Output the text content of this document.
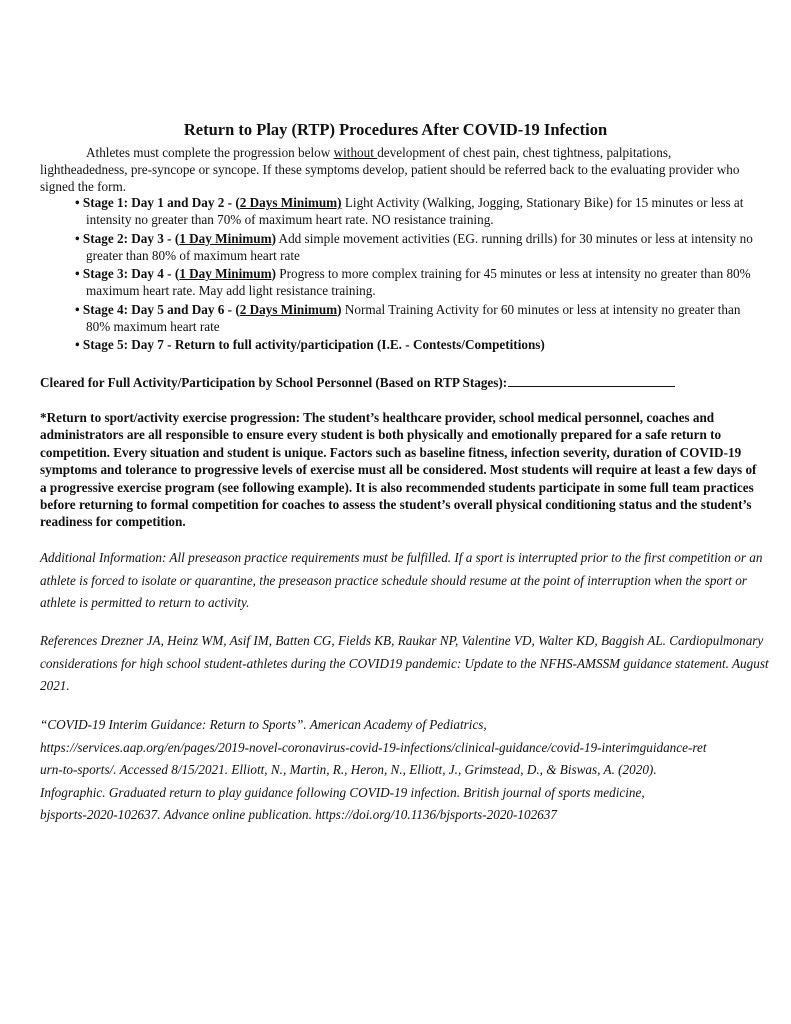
Return to Play (RTP) Procedures After COVID-19 Infection

Athletes must complete the progression below without development of chest pain, chest tightness, palpitations, lightheadedness, pre-syncope or syncope. If these symptoms develop, patient should be referred back to the evaluating provider who signed the form.

• Stage 1: Day 1 and Day 2 - (2 Days Minimum) Light Activity (Walking, Jogging, Stationary Bike) for 15 minutes or less at intensity no greater than 70% of maximum heart rate. NO resistance training.
• Stage 2: Day 3 - (1 Day Minimum) Add simple movement activities (EG. running drills) for 30 minutes or less at intensity no greater than 80% of maximum heart rate
• Stage 3: Day 4 - (1 Day Minimum) Progress to more complex training for 45 minutes or less at intensity no greater than 80% maximum heart rate. May add light resistance training.
• Stage 4: Day 5 and Day 6 - (2 Days Minimum) Normal Training Activity for 60 minutes or less at intensity no greater than 80% maximum heart rate
• Stage 5: Day 7 - Return to full activity/participation (I.E. - Contests/Competitions)

Cleared for Full Activity/Participation by School Personnel (Based on RTP Stages):

*Return to sport/activity exercise progression: The student’s healthcare provider, school medical personnel, coaches and administrators are all responsible to ensure every student is both physically and emotionally prepared for a safe return to competition. Every situation and student is unique. Factors such as baseline fitness, infection severity, duration of COVID-19 symptoms and tolerance to progressive levels of exercise must all be considered. Most students will require at least a few days of a progressive exercise program (see following example). It is also recommended students participate in some full team practices before returning to formal competition for coaches to assess the student’s overall physical conditioning status and the student’s readiness for competition.

Additional Information: All preseason practice requirements must be fulfilled. If a sport is interrupted prior to the first competition or an athlete is forced to isolate or quarantine, the preseason practice schedule should resume at the point of interruption when the sport or athlete is permitted to return to activity.

References Drezner JA, Heinz WM, Asif IM, Batten CG, Fields KB, Raukar NP, Valentine VD, Walter KD, Baggish AL. Cardiopulmonary considerations for high school student-athletes during the COVID19 pandemic: Update to the NFHS-AMSSM guidance statement. August 2021.

“COVID-19 Interim Guidance: Return to Sports”. American Academy of Pediatrics,
https://services.aap.org/en/pages/2019-novel-coronavirus-covid-19-infections/clinical-guidance/covid-19-interimguidance-ret
urn-to-sports/. Accessed 8/15/2021. Elliott, N., Martin, R., Heron, N., Elliott, J., Grimstead, D., & Biswas, A. (2020).
Infographic. Graduated return to play guidance following COVID-19 infection. British journal of sports medicine,
bjsports-2020-102637. Advance online publication. https://doi.org/10.1136/bjsports-2020-102637
